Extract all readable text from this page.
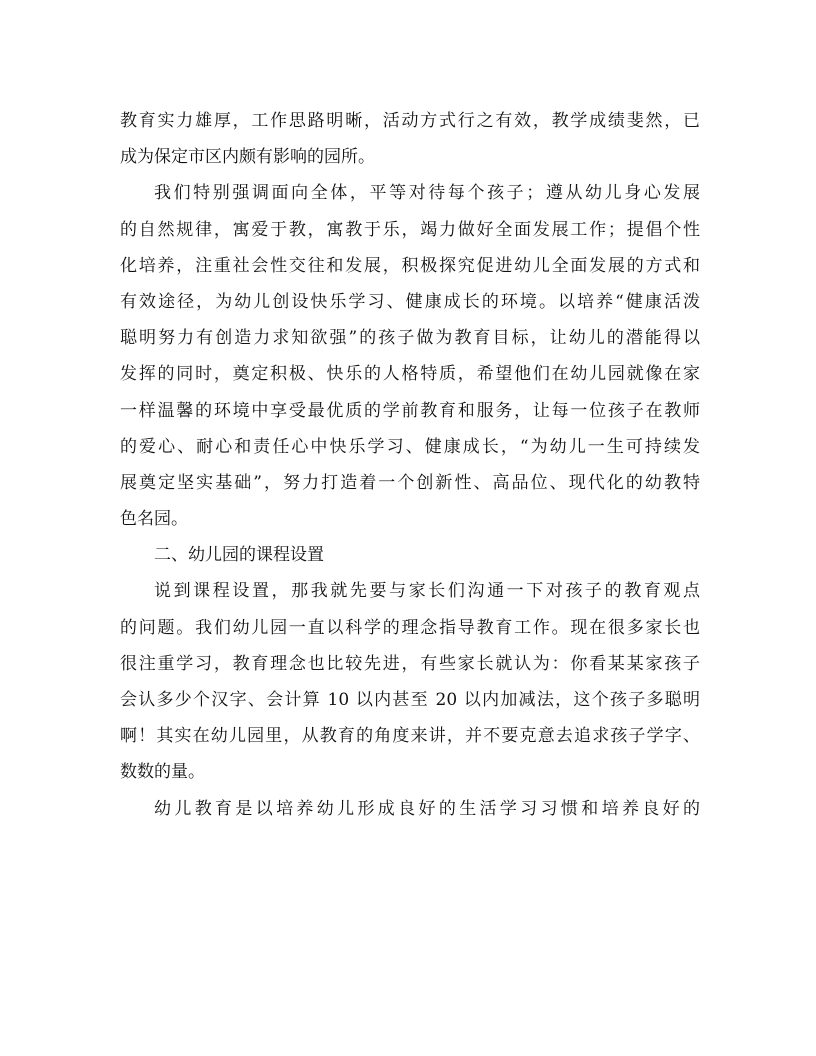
教育实力雄厚，工作思路明晰，活动方式行之有效，教学成绩斐然，已
成为保定市区内颇有影响的园所。
我们特别强调面向全体，平等对待每个孩子；遵从幼儿身心发展
的自然规律，寓爱于教，寓教于乐，竭力做好全面发展工作；提倡个性
化培养，注重社会性交往和发展，积极探究促进幼儿全面发展的方式和
有效途径，为幼儿创设快乐学习、健康成长的环境。以培养“健康活泼
聪明努力有创造力求知欲强”的孩子做为教育目标，让幼儿的潜能得以
发挥的同时，奠定积极、快乐的人格特质，希望他们在幼儿园就像在家
一样温馨的环境中享受最优质的学前教育和服务，让每一位孩子在教师
的爱心、耐心和责任心中快乐学习、健康成长，“为幼儿一生可持续发
展奠定坚实基础”，努力打造着一个创新性、高品位、现代化的幼教特
色名园。
二、幼儿园的课程设置
说到课程设置，那我就先要与家长们沟通一下对孩子的教育观点
的问题。我们幼儿园一直以科学的理念指导教育工作。现在很多家长也
很注重学习，教育理念也比较先进，有些家长就认为：你看某某家孩子
会认多少个汉字、会计算 10 以内甚至 20 以内加减法，这个孩子多聪明
啊！其实在幼儿园里，从教育的角度来讲，并不要克意去追求孩子学字、
数数的量。
幼儿教育是以培养幼儿形成良好的生活学习习惯和培养良好的
